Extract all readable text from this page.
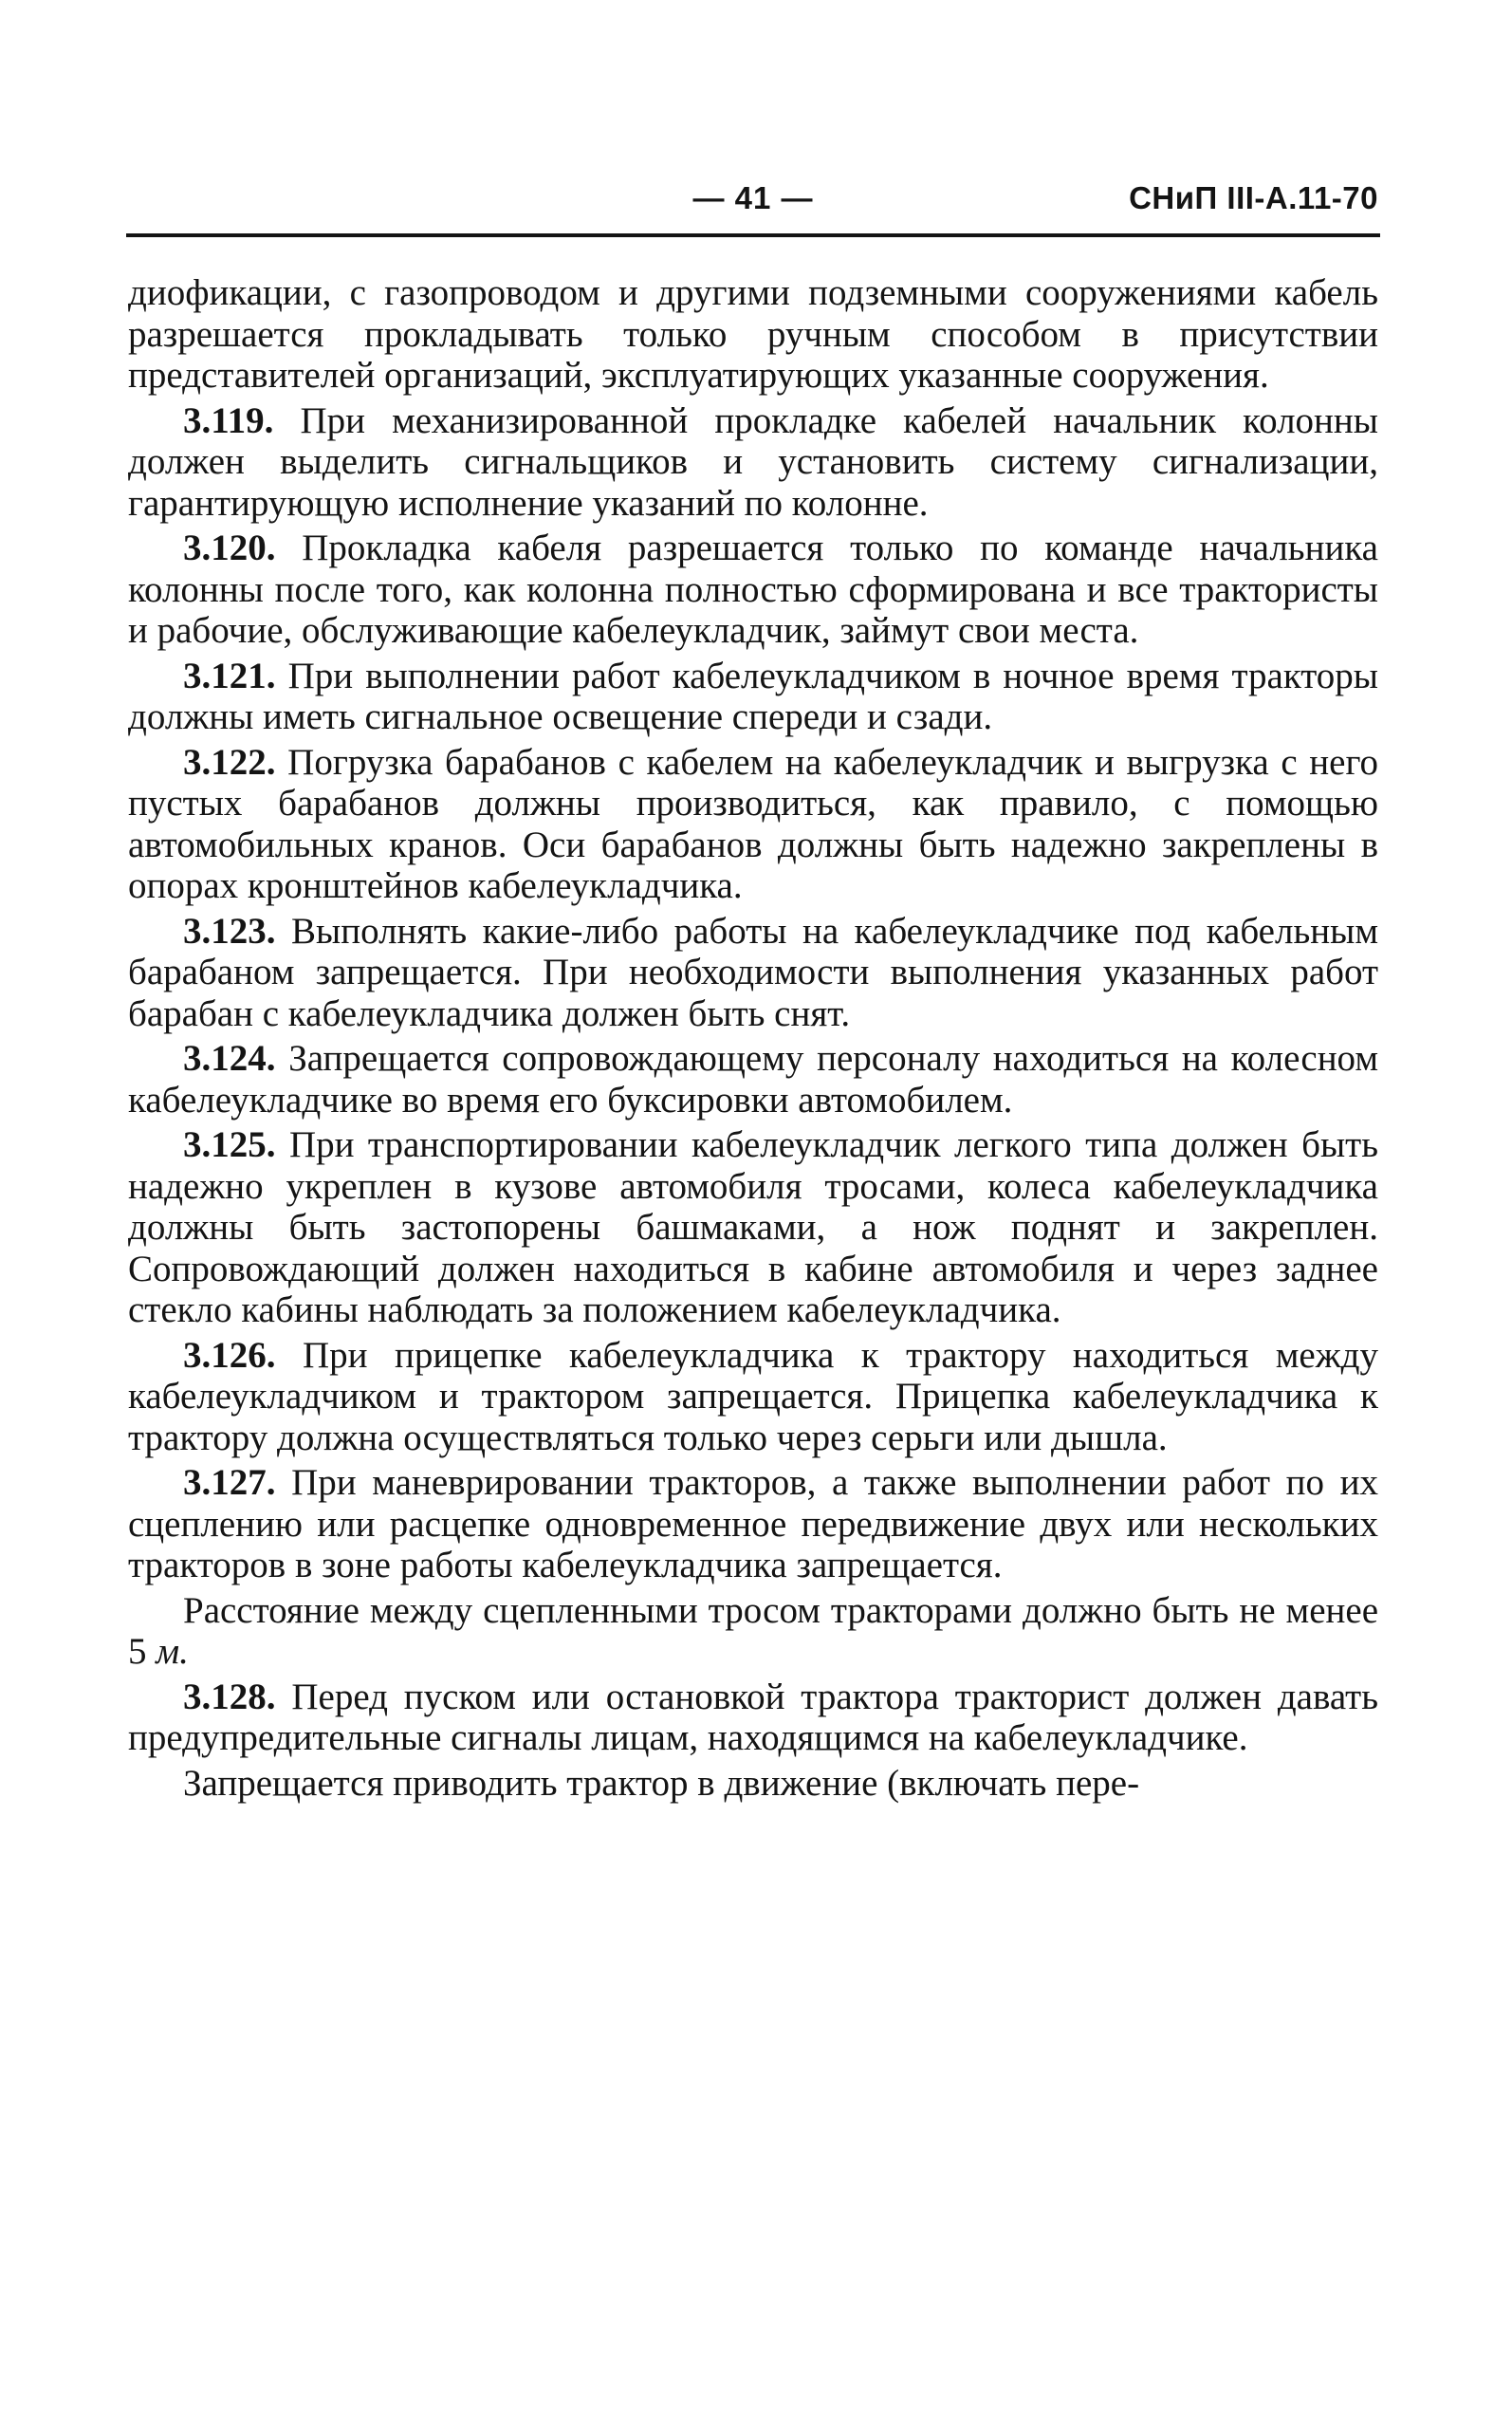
— 41 —	СНиП III-А.11-70

диофикации, с газопроводом и другими подземными сооружениями кабель разрешается прокладывать только ручным способом в присутствии представителей организаций, эксплуатирующих указанные сооружения.

3.119. При механизированной прокладке кабелей начальник колонны должен выделить сигнальщиков и установить систему сигнализации, гарантирующую исполнение указаний по колонне.

3.120. Прокладка кабеля разрешается только по команде начальника колонны после того, как колонна полностью сформирована и все трактористы и рабочие, обслуживающие кабелеукладчик, займут свои места.

3.121. При выполнении работ кабелеукладчиком в ночное время тракторы должны иметь сигнальное освещение спереди и сзади.

3.122. Погрузка барабанов с кабелем на кабелеукладчик и выгрузка с него пустых барабанов должны производиться, как правило, с помощью автомобильных кранов. Оси барабанов должны быть надежно закреплены в опорах кронштейнов кабелеукладчика.

3.123. Выполнять какие-либо работы на кабелеукладчике под кабельным барабаном запрещается. При необходимости выполнения указанных работ барабан с кабелеукладчика должен быть снят.

3.124. Запрещается сопровождающему персоналу находиться на колесном кабелеукладчике во время его буксировки автомобилем.

3.125. При транспортировании кабелеукладчик легкого типа должен быть надежно укреплен в кузове автомобиля тросами, колеса кабелеукладчика должны быть застопорены башмаками, а нож поднят и закреплен. Сопровождающий должен находиться в кабине автомобиля и через заднее стекло кабины наблюдать за положением кабелеукладчика.

3.126. При прицепке кабелеукладчика к трактору находиться между кабелеукладчиком и трактором запрещается. Прицепка кабелеукладчика к трактору должна осуществляться только через серьги или дышла.

3.127. При маневрировании тракторов, а также выполнении работ по их сцеплению или расцепке одновременное передвижение двух или нескольких тракторов в зоне работы кабелеукладчика запрещается.

Расстояние между сцепленными тросом тракторами должно быть не менее 5 м.

3.128. Перед пуском или остановкой трактора тракторист должен давать предупредительные сигналы лицам, находящимся на кабелеукладчике.

Запрещается приводить трактор в движение (включать пере-
